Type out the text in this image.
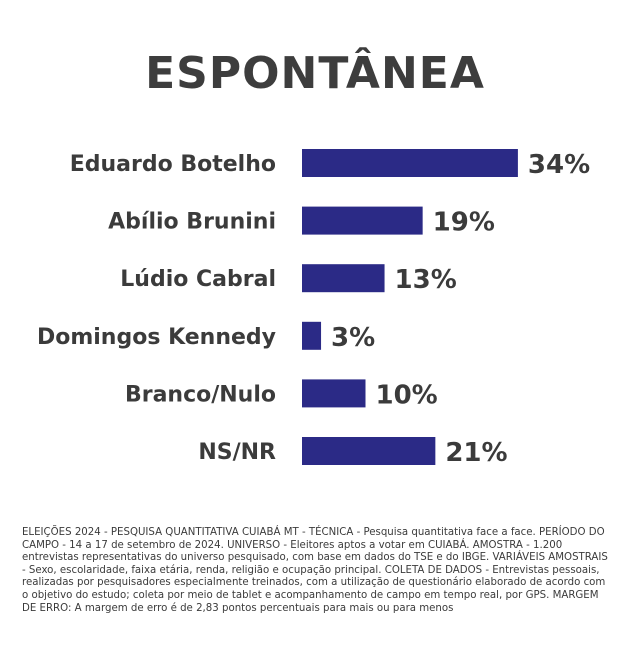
ESPONTÂNEA
Eduardo Botelho	34%
Abílio Brunini	19%
Lúdio Cabral	13%
Domingos Kennedy 3%
Branco/Nulo	10%
NS/NR	21%

ELEIÇÕES 2024 - PESQUISA QUANTITATIVA CUIABÁ MT - TÉCNICA - Pesquisa quantitativa face a face. PERÍODO DO CAMPO - 14 a 17 de setembro de 2024. UNIVERSO - Eleitores aptos a votar em CUIABÁ. AMOSTRA - 1.200 entrevistas representativas do universo pesquisado, com base em dados do TSE e do IBGE. VARIÁVEIS AMOSTRAIS - Sexo, escolaridade, faixa etária, renda, religião e ocupação principal. COLETA DE DADOS - Entrevistas pessoais, realizadas por pesquisadores especialmente treinados, com a utilização de questionário elaborado de acordo com o objetivo do estudo; coleta por meio de tablet e acompanhamento de campo em tempo real, por GPS. MARGEM DE ERRO: A margem de erro é de 2,83 pontos percentuais para mais ou para menos
